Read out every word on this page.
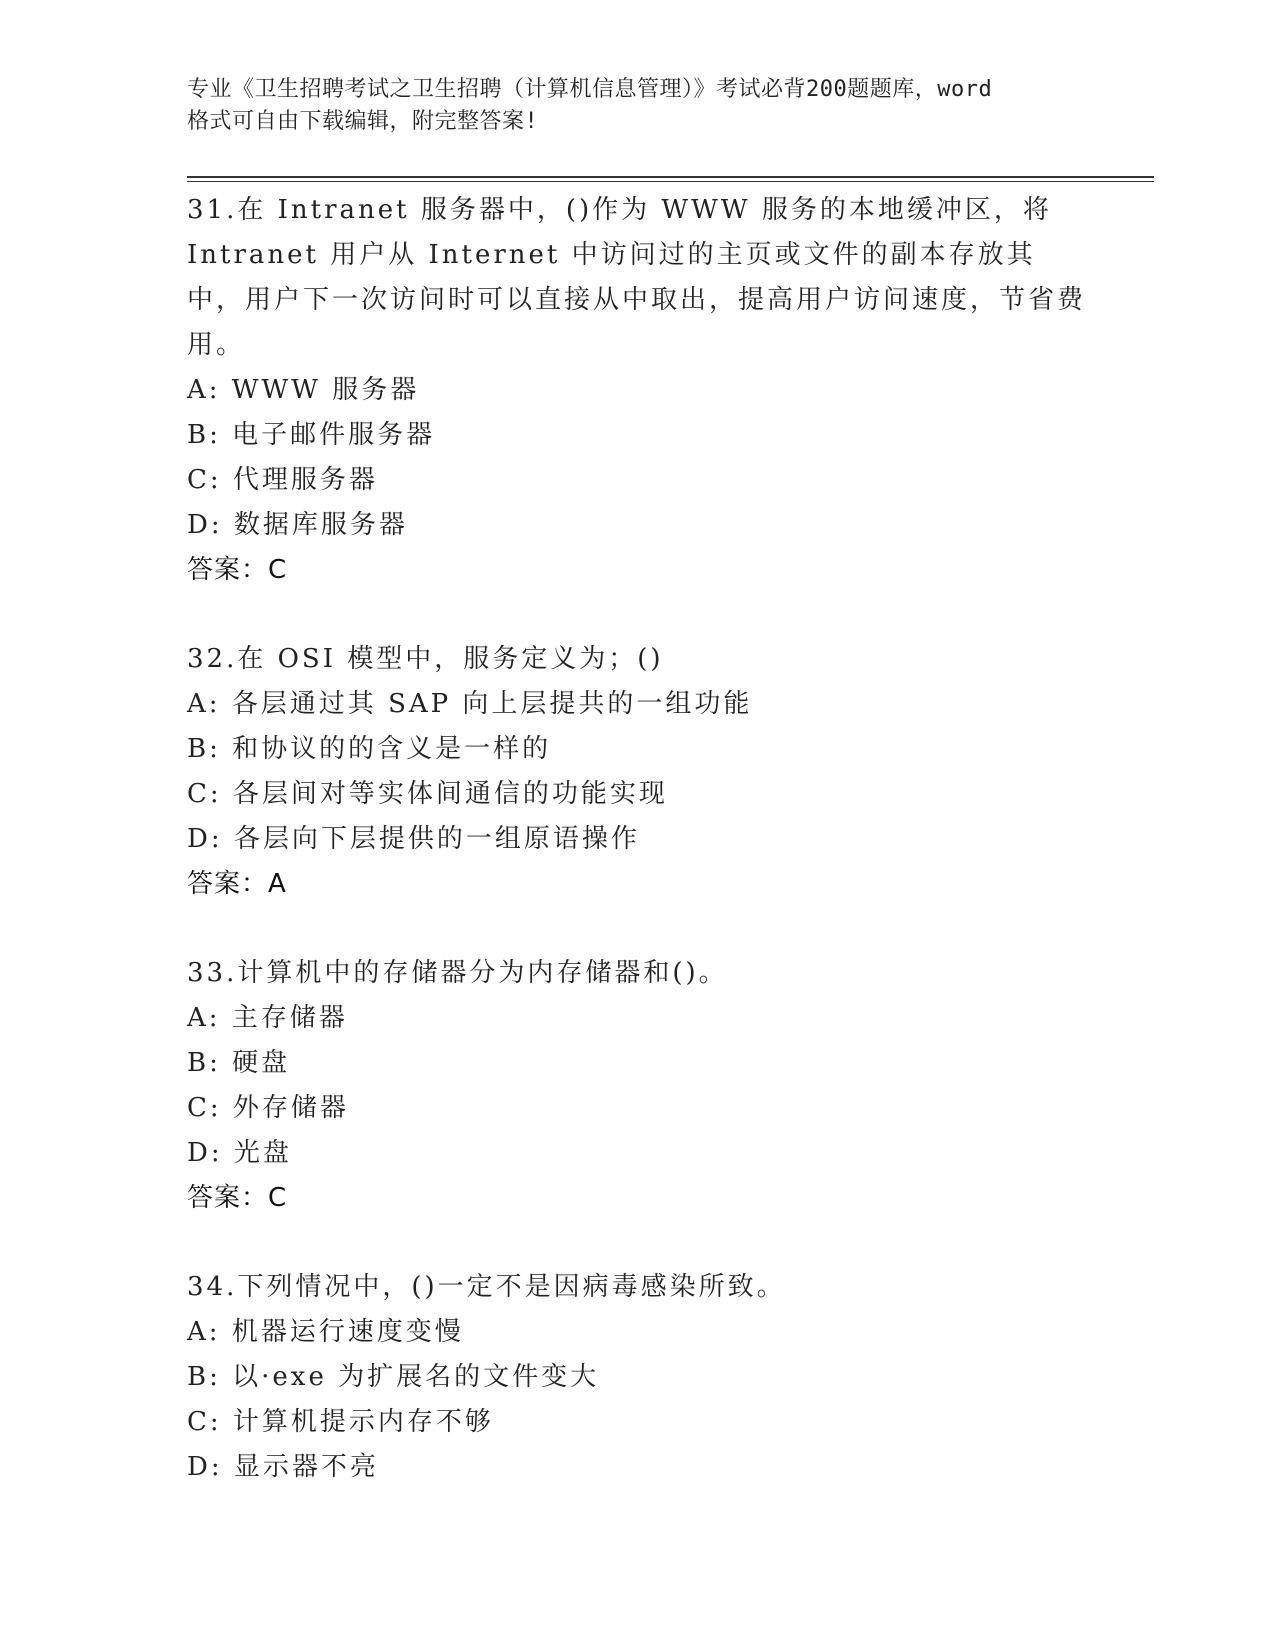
专业《卫生招聘考试之卫生招聘（计算机信息管理）》考试必背200题题库，word
格式可自由下载编辑，附完整答案!

31.在 Intranet 服务器中，()作为 WWW 服务的本地缓冲区，将 Intranet 用户从 Internet 中访问过的主页或文件的副本存放其中，用户下一次访问时可以直接从中取出，提高用户访问速度，节省费用。

A: WWW 服务器

B: 电子邮件服务器

C: 代理服务器

D: 数据库服务器

答案：C

32.在 OSI 模型中，服务定义为；()

A: 各层通过其 SAP 向上层提共的一组功能

B: 和协议的的含义是一样的

C: 各层间对等实体间通信的功能实现

D: 各层向下层提供的一组原语操作

答案：A

33.计算机中的存储器分为内存储器和()。

A: 主存储器

B: 硬盘

C: 外存储器

D: 光盘

答案：C

34.下列情况中，()一定不是因病毒感染所致。

A: 机器运行速度变慢

B: 以·exe 为扩展名的文件变大

C: 计算机提示内存不够

D: 显示器不亮
